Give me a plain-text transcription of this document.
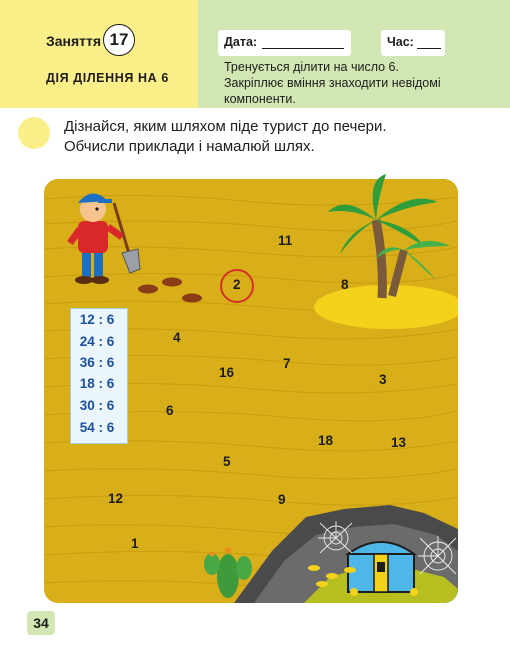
Заняття 17
ДІЯ ДІЛЕННЯ НА 6
Дата:	Час:
Тренується ділити на число 6.
Закріплює вміння знаходити невідомі компоненти.
Дізнайся, яким шляхом піде турист до печери. Обчисли приклади і намалюй шлях.
12 : 6
24 : 6
36 : 6
18 : 6
30 : 6
54 : 6
11
2	8
4
7
16	3
6
18	13
5
12	9
1
34
